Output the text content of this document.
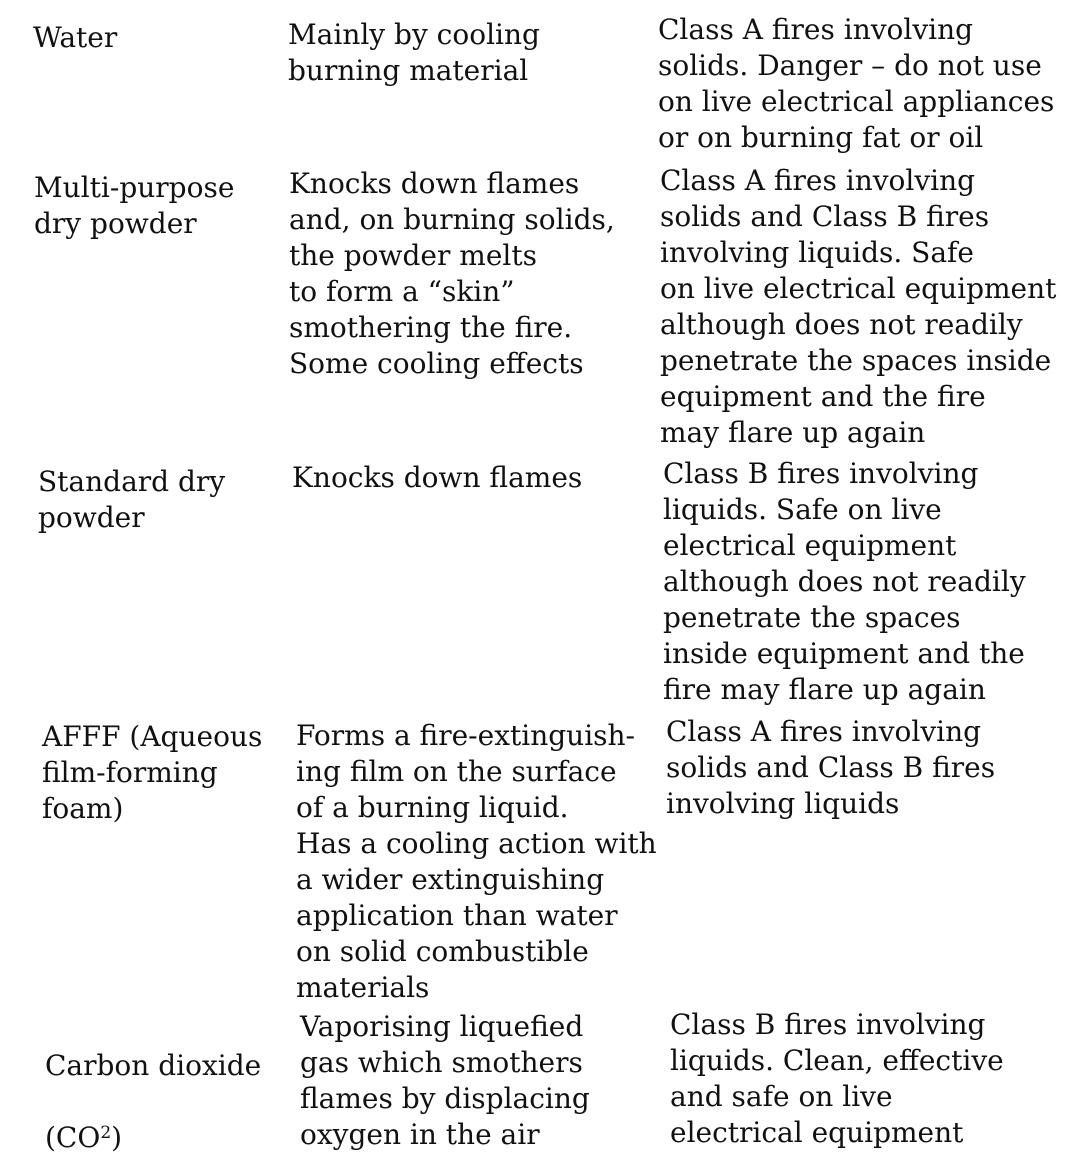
Water	Mainly by cooling
burning material
Class A fires involving
solids. Danger – do not use
on live electrical appliances
or on burning fat or oil
Multi-purpose
dry powder
Knocks down flames
and, on burning solids,
the powder melts
to form a “skin”
smothering the fire.
Some cooling effects
Class A fires involving
solids and Class B fires
involving liquids. Safe
on live electrical equipment
although does not readily
penetrate the spaces inside
equipment and the fire
may flare up again
Standard dry
powder
Knocks down flames	Class B fires involving
liquids. Safe on live
electrical equipment
although does not readily
penetrate the spaces
inside equipment and the
fire may flare up again
AFFF (Aqueous
film-forming
foam)
Forms a fire-extinguish-
ing film on the surface
of a burning liquid.
Has a cooling action with
a wider extinguishing
application than water
on solid combustible
materials
Class A fires involving
solids and Class B fires
involving liquids

Carbon dioxide

$(CO^2)$

Vaporising liquefied
gas which smothers
flames by displacing
oxygen in the air
Class B fires involving
liquids. Clean, effective
and safe on live
electrical equipment
